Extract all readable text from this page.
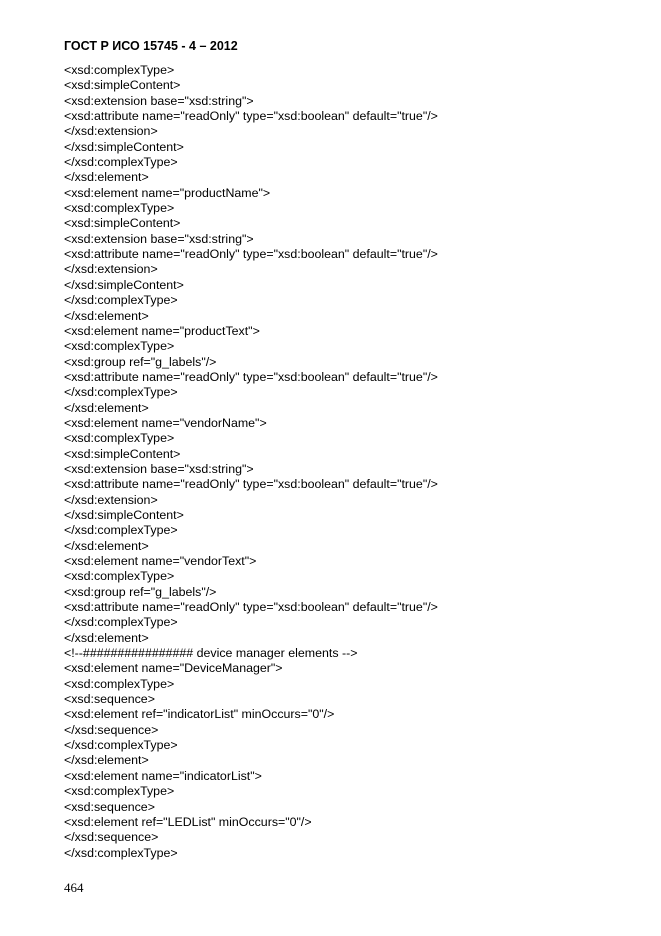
ГОСТ Р ИСО 15745 - 4 – 2012
<xsd:complexType>
<xsd:simpleContent>
<xsd:extension base="xsd:string">
<xsd:attribute name="readOnly" type="xsd:boolean" default="true"/>
</xsd:extension>
</xsd:simpleContent>
</xsd:complexType>
</xsd:element>
<xsd:element name="productName">
<xsd:complexType>
<xsd:simpleContent>
<xsd:extension base="xsd:string">
<xsd:attribute name="readOnly" type="xsd:boolean" default="true"/>
</xsd:extension>
</xsd:simpleContent>
</xsd:complexType>
</xsd:element>
<xsd:element name="productText">
<xsd:complexType>
<xsd:group ref="g_labels"/>
<xsd:attribute name="readOnly" type="xsd:boolean" default="true"/>
</xsd:complexType>
</xsd:element>
<xsd:element name="vendorName">
<xsd:complexType>
<xsd:simpleContent>
<xsd:extension base="xsd:string">
<xsd:attribute name="readOnly" type="xsd:boolean" default="true"/>
</xsd:extension>
</xsd:simpleContent>
</xsd:complexType>
</xsd:element>
<xsd:element name="vendorText">
<xsd:complexType>
<xsd:group ref="g_labels"/>
<xsd:attribute name="readOnly" type="xsd:boolean" default="true"/>
</xsd:complexType>
</xsd:element>
<!--################ device manager elements -->
<xsd:element name="DeviceManager">
<xsd:complexType>
<xsd:sequence>
<xsd:element ref="indicatorList" minOccurs="0"/>
</xsd:sequence>
</xsd:complexType>
</xsd:element>
<xsd:element name="indicatorList">
<xsd:complexType>
<xsd:sequence>
<xsd:element ref="LEDList" minOccurs="0"/>
</xsd:sequence>
</xsd:complexType>
464
